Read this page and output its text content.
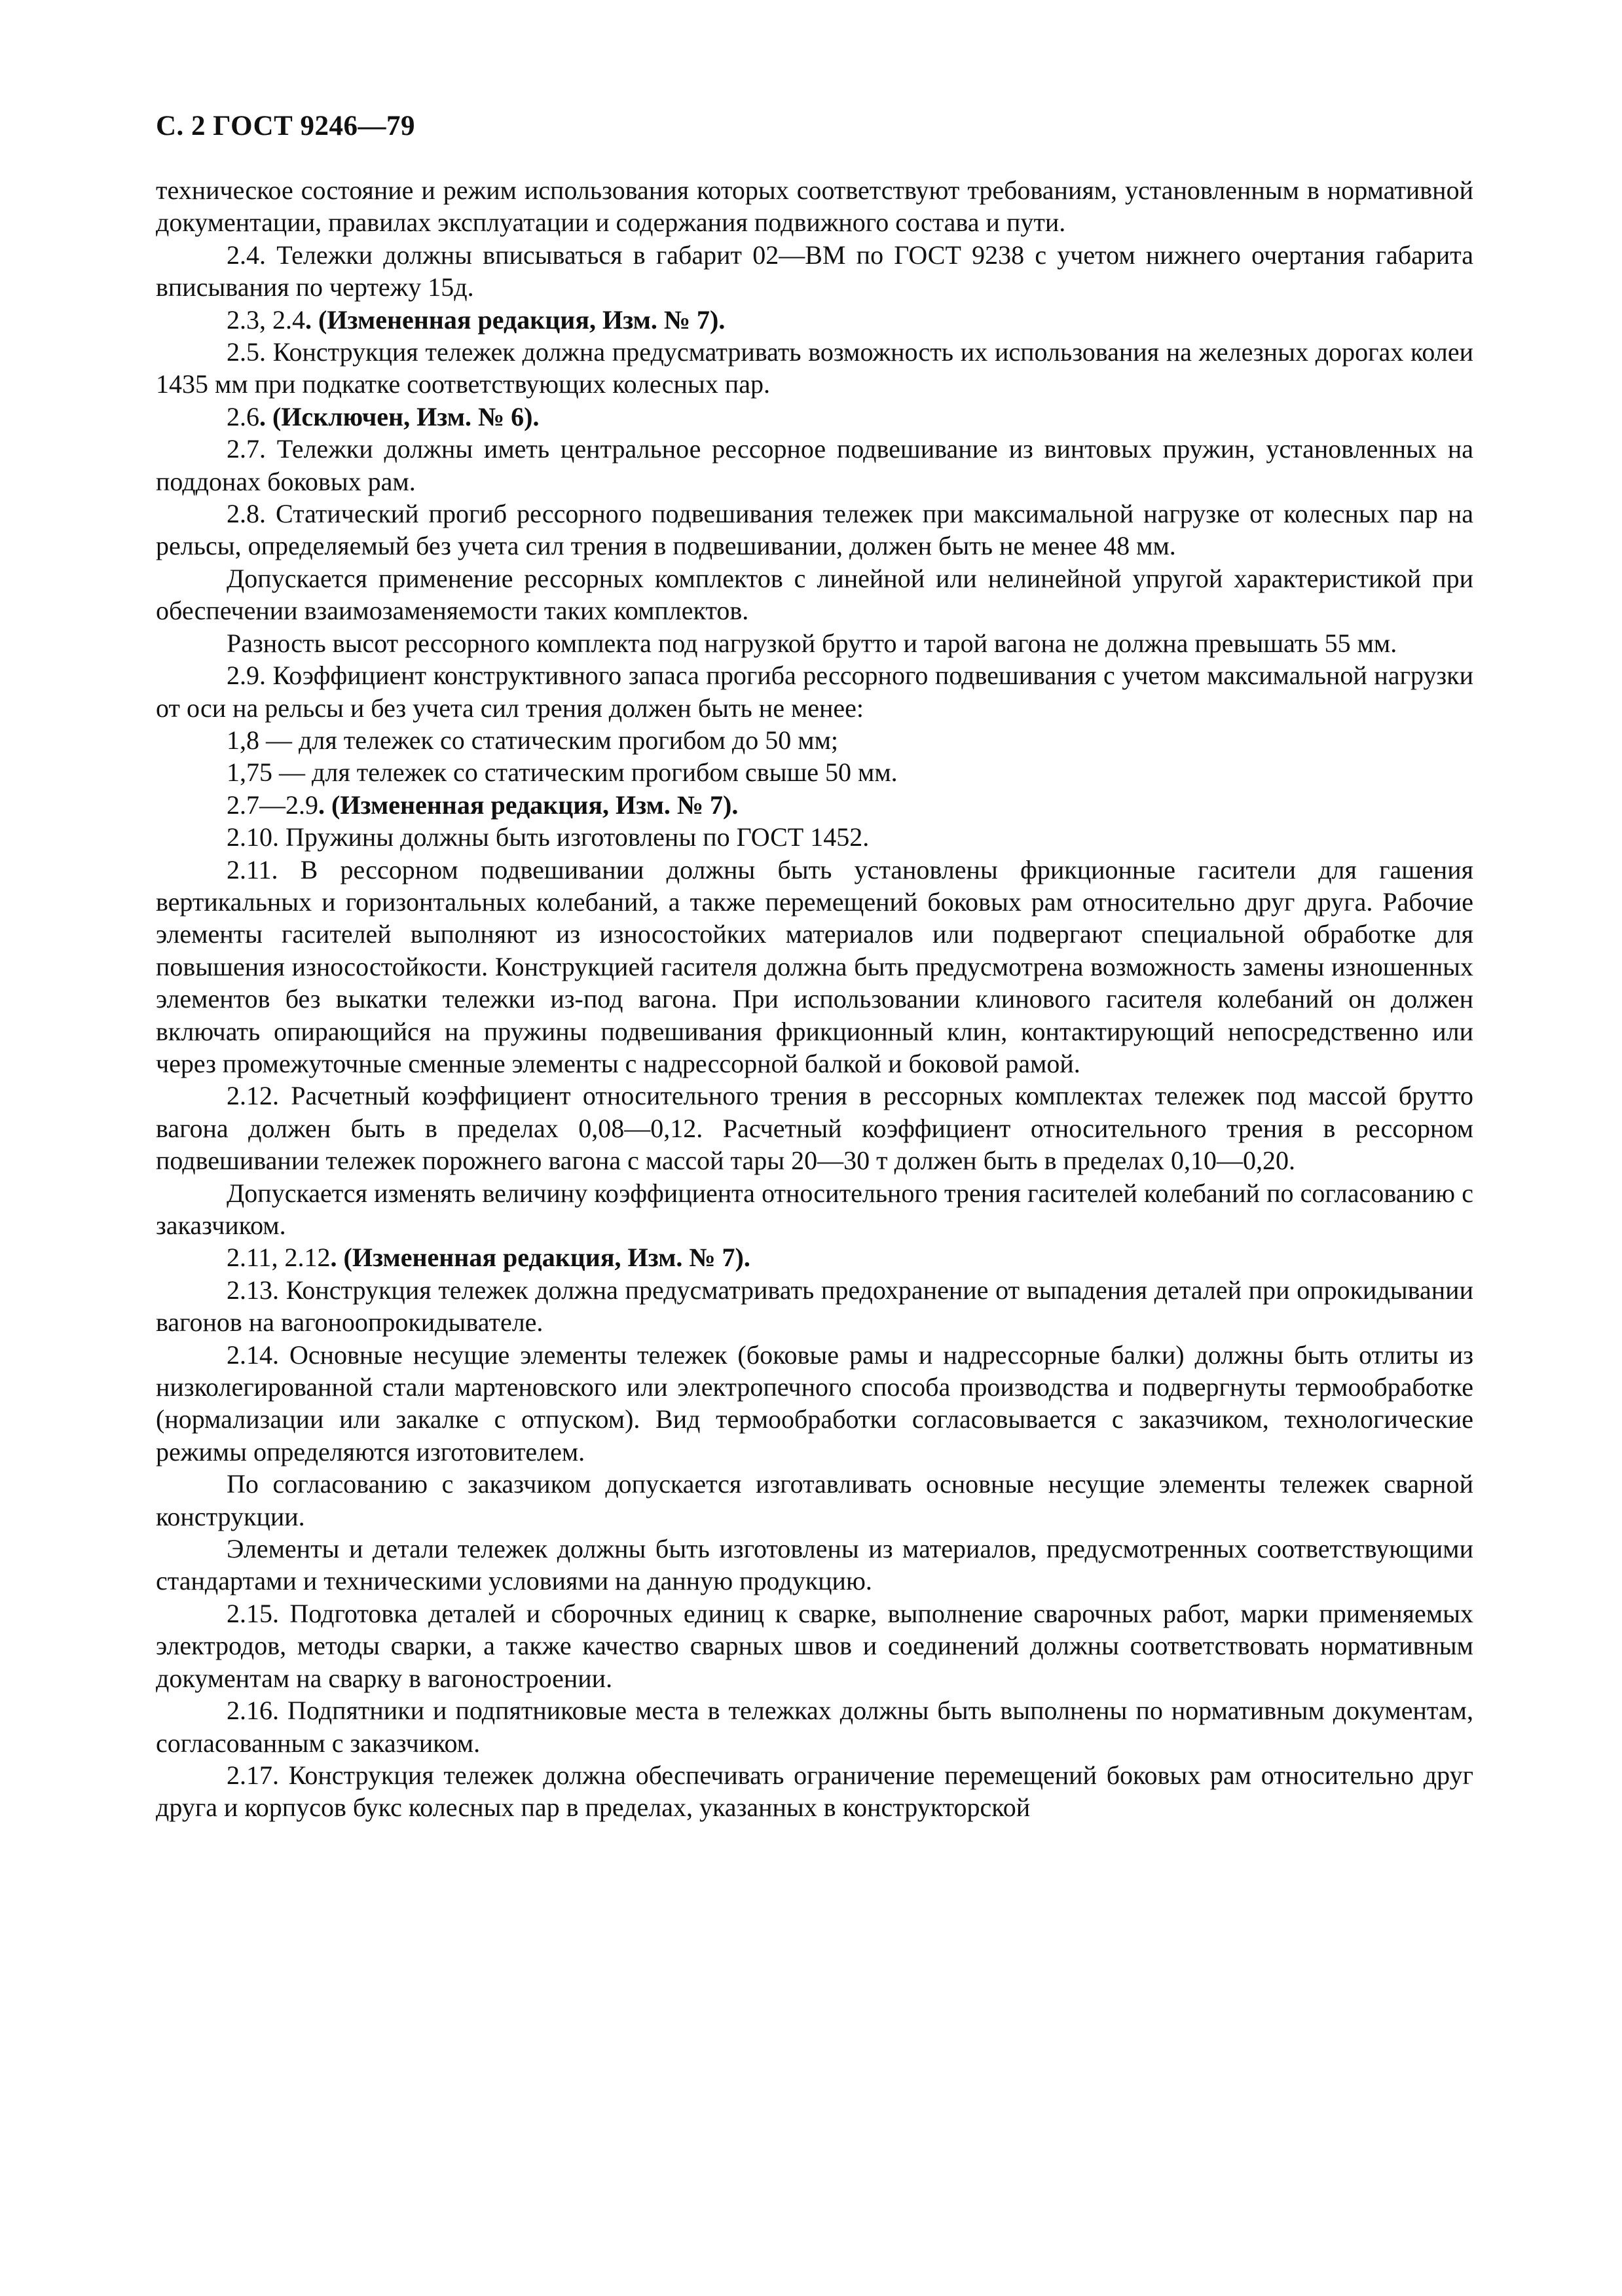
С. 2 ГОСТ 9246—79

техническое состояние и режим использования которых соответствуют требованиям, установленным в нормативной документации, правилах эксплуатации и содержания подвижного состава и пути.

2.4. Тележки должны вписываться в габарит 02—ВМ по ГОСТ 9238 с учетом нижнего очертания габарита вписывания по чертежу 15д.

2.3, 2.4. (Измененная редакция, Изм. № 7).

2.5. Конструкция тележек должна предусматривать возможность их использования на железных дорогах колеи 1435 мм при подкатке соответствующих колесных пар.

2.6. (Исключен, Изм. № 6).

2.7. Тележки должны иметь центральное рессорное подвешивание из винтовых пружин, установленных на поддонах боковых рам.

2.8. Статический прогиб рессорного подвешивания тележек при максимальной нагрузке от колесных пар на рельсы, определяемый без учета сил трения в подвешивании, должен быть не менее 48 мм.

Допускается применение рессорных комплектов с линейной или нелинейной упругой характеристикой при обеспечении взаимозаменяемости таких комплектов.

Разность высот рессорного комплекта под нагрузкой брутто и тарой вагона не должна превышать 55 мм.

2.9. Коэффициент конструктивного запаса прогиба рессорного подвешивания с учетом максимальной нагрузки от оси на рельсы и без учета сил трения должен быть не менее:

1,8 — для тележек со статическим прогибом до 50 мм;

1,75 — для тележек со статическим прогибом свыше 50 мм.

2.7—2.9. (Измененная редакция, Изм. № 7).

2.10. Пружины должны быть изготовлены по ГОСТ 1452.

2.11. В рессорном подвешивании должны быть установлены фрикционные гасители для гашения вертикальных и горизонтальных колебаний, а также перемещений боковых рам относительно друг друга. Рабочие элементы гасителей выполняют из износостойких материалов или подвергают специальной обработке для повышения износостойкости. Конструкцией гасителя должна быть предусмотрена возможность замены изношенных элементов без выкатки тележки из-под вагона. При использовании клинового гасителя колебаний он должен включать опирающийся на пружины подвешивания фрикционный клин, контактирующий непосредственно или через промежуточные сменные элементы с надрессорной балкой и боковой рамой.

2.12. Расчетный коэффициент относительного трения в рессорных комплектах тележек под массой брутто вагона должен быть в пределах 0,08—0,12. Расчетный коэффициент относительного трения в рессорном подвешивании тележек порожнего вагона с массой тары 20—30 т должен быть в пределах 0,10—0,20.

Допускается изменять величину коэффициента относительного трения гасителей колебаний по согласованию с заказчиком.

2.11, 2.12. (Измененная редакция, Изм. № 7).

2.13. Конструкция тележек должна предусматривать предохранение от выпадения деталей при опрокидывании вагонов на вагоноопрокидывателе.

2.14. Основные несущие элементы тележек (боковые рамы и надрессорные балки) должны быть отлиты из низколегированной стали мартеновского или электропечного способа производства и подвергнуты термообработке (нормализации или закалке с отпуском). Вид термообработки согласовывается с заказчиком, технологические режимы определяются изготовителем.

По согласованию с заказчиком допускается изготавливать основные несущие элементы тележек сварной конструкции.

Элементы и детали тележек должны быть изготовлены из материалов, предусмотренных соответствующими стандартами и техническими условиями на данную продукцию.

2.15. Подготовка деталей и сборочных единиц к сварке, выполнение сварочных работ, марки применяемых электродов, методы сварки, а также качество сварных швов и соединений должны соответствовать нормативным документам на сварку в вагоностроении.

2.16. Подпятники и подпятниковые места в тележках должны быть выполнены по нормативным документам, согласованным с заказчиком.

2.17. Конструкция тележек должна обеспечивать ограничение перемещений боковых рам относительно друг друга и корпусов букс колесных пар в пределах, указанных в конструкторской
